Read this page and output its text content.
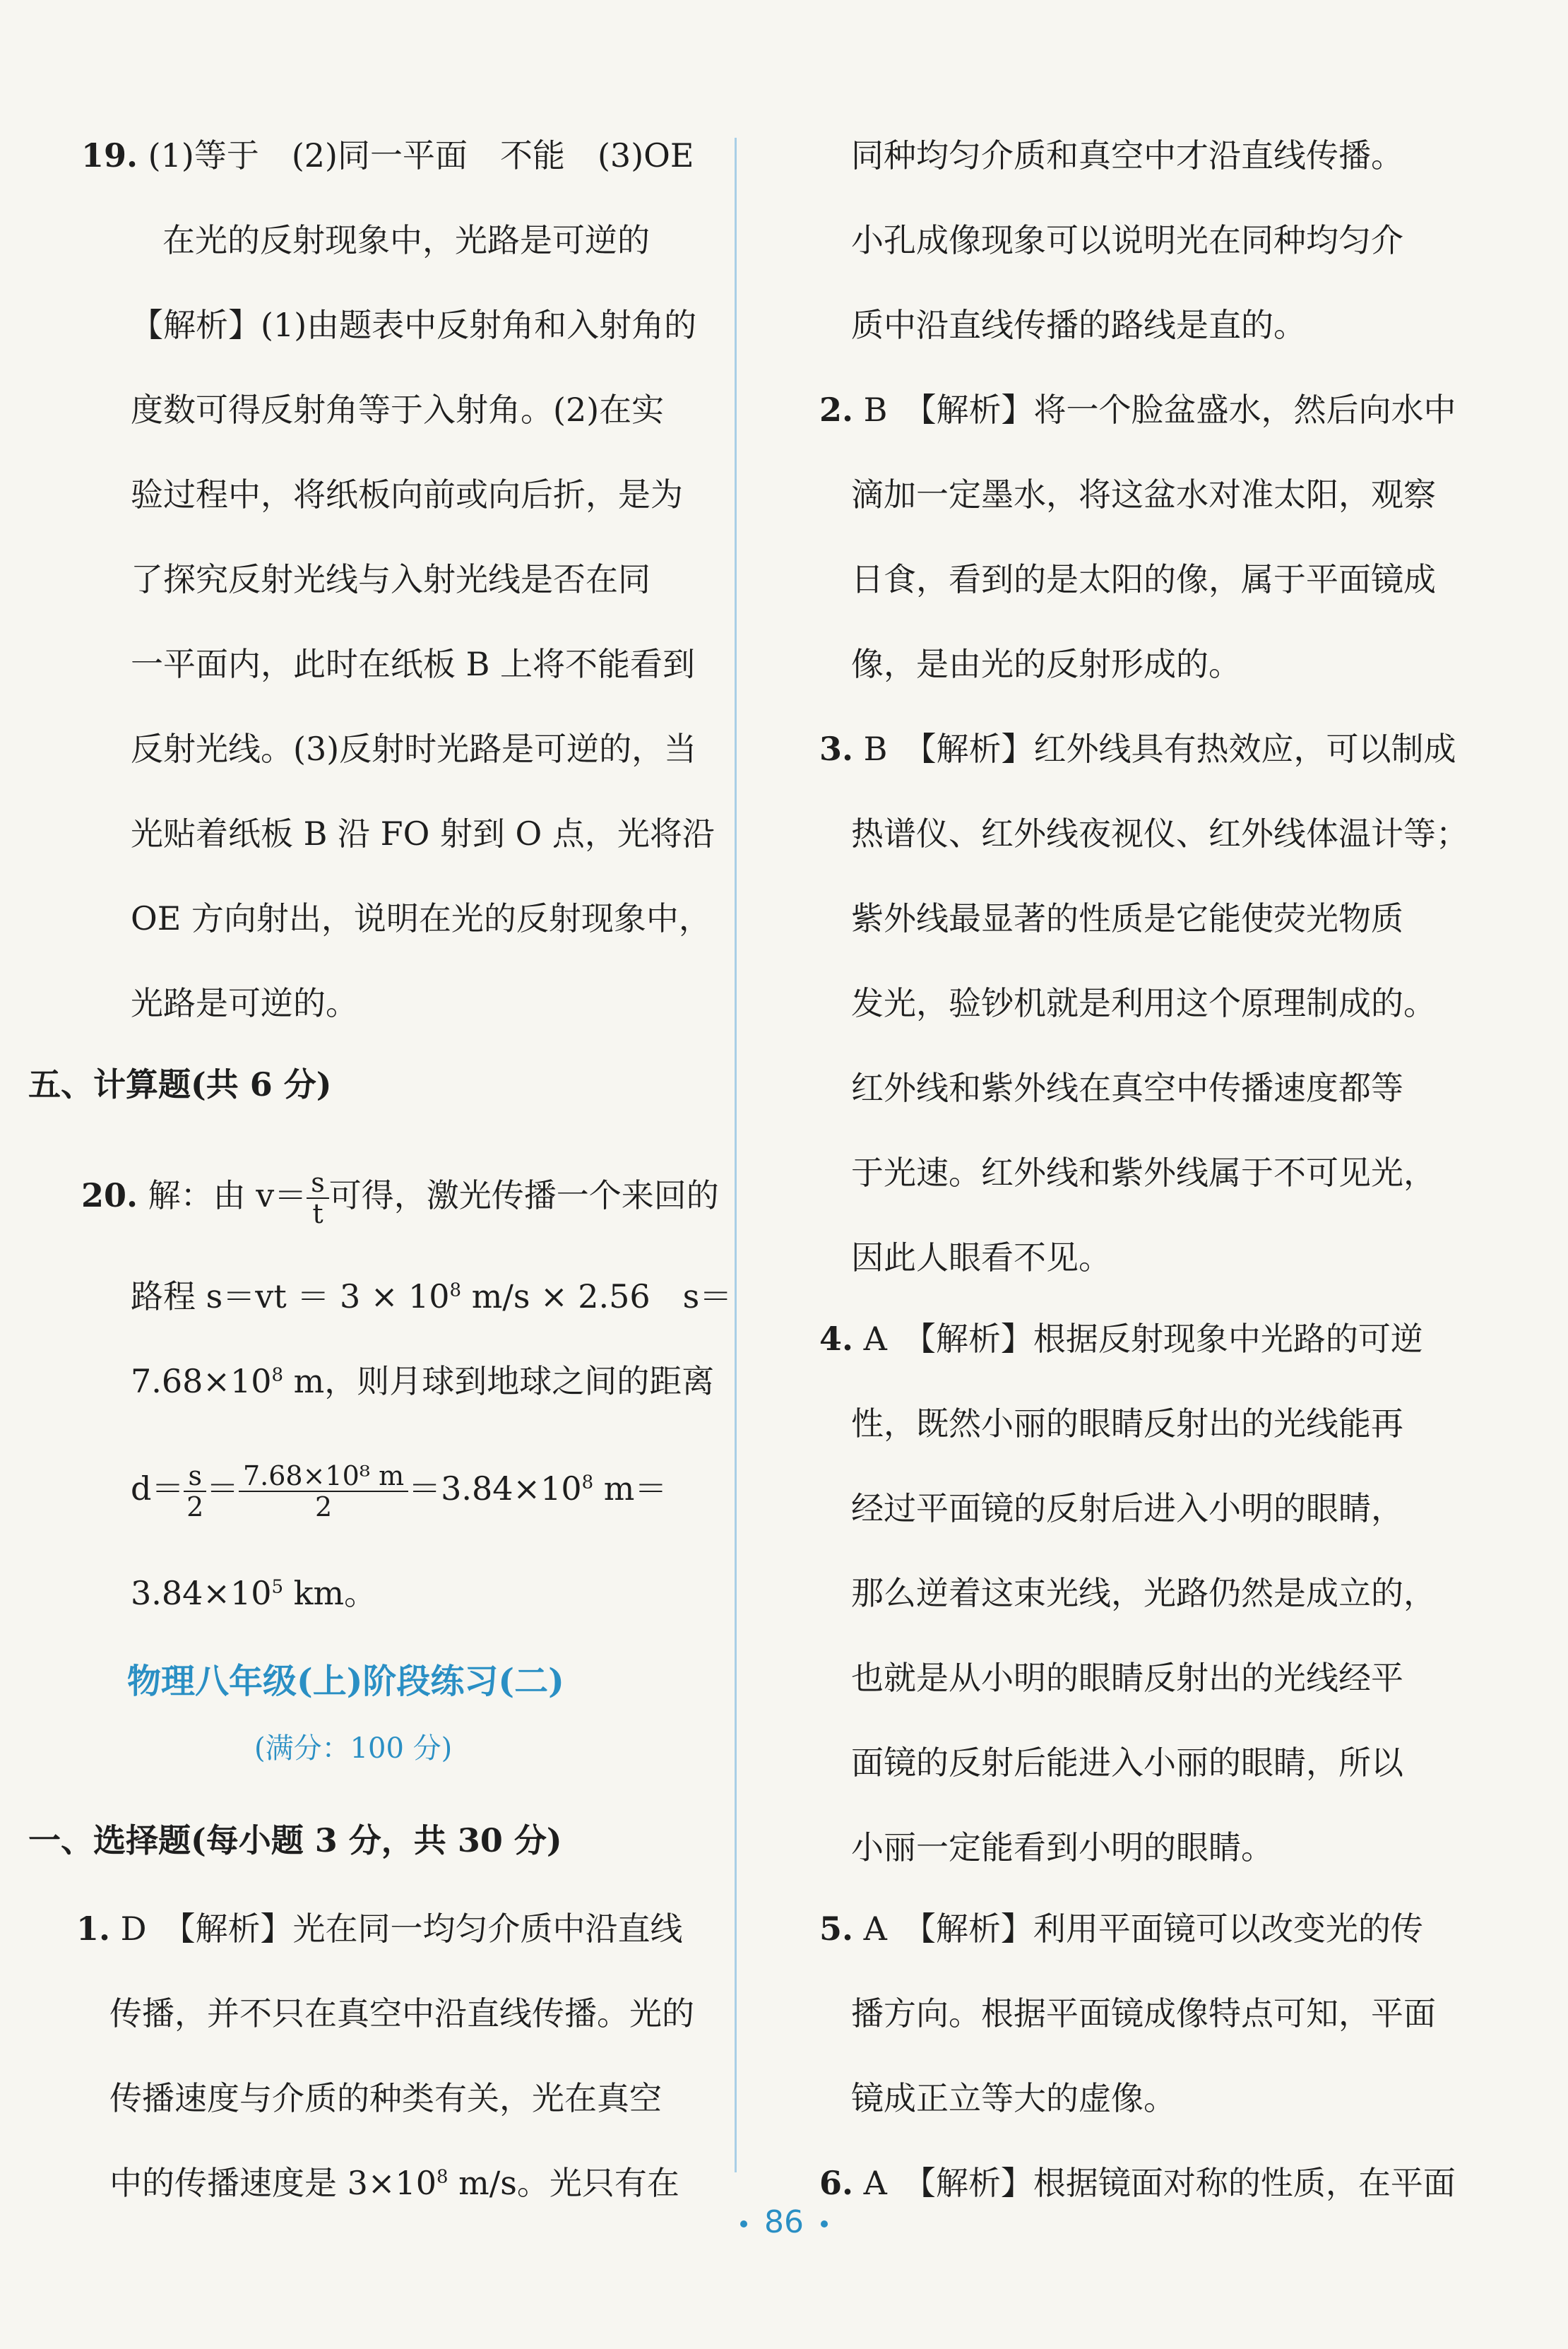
19. (1)等于　(2)同一平面　不能　(3)OE
在光的反射现象中，光路是可逆的
【解析】(1)由题表中反射角和入射角的
度数可得反射角等于入射角。(2)在实
验过程中，将纸板向前或向后折，是为
了探究反射光线与入射光线是否在同
一平面内，此时在纸板 B 上将不能看到
反射光线。(3)反射时光路是可逆的，当
光贴着纸板 B 沿 FO 射到 O 点，光将沿
OE 方向射出，说明在光的反射现象中，
光路是可逆的。
五、计算题(共 6 分)
20. 解：由 $v= \frac{s}{t}$ 可得，激光传播一个来回的
路程 $s=vt = 3 \times 10^8$ m/s × 2.56　s＝
$7.68\times 10^8$ m，则月球到地球之间的距离
$d= \frac{s}{2} = \frac{\text{7.68×10⁸ m}}{2} =3.84\times 10^8$ m＝
$3.84\times 10^5$ km。
物理八年级(上)阶段练习(二)
(满分：100 分)
一、选择题(每小题 3 分，共 30 分)
1. D　【解析】光在同一均匀介质中沿直线
传播，并不只在真空中沿直线传播。光的
传播速度与介质的种类有关，光在真空
中的传播速度是 $3\times 10^8$ m/s。光只有在
同种均匀介质和真空中才沿直线传播。
小孔成像现象可以说明光在同种均匀介
质中沿直线传播的路线是直的。
2. B　【解析】将一个脸盆盛水，然后向水中
滴加一定墨水，将这盆水对准太阳，观察
日食，看到的是太阳的像，属于平面镜成
像，是由光的反射形成的。
3. B　【解析】红外线具有热效应，可以制成
热谱仪、红外线夜视仪、红外线体温计等；
紫外线最显著的性质是它能使荧光物质
发光，验钞机就是利用这个原理制成的。
红外线和紫外线在真空中传播速度都等
于光速。红外线和紫外线属于不可见光，
因此人眼看不见。
4. A　【解析】根据反射现象中光路的可逆
性，既然小丽的眼睛反射出的光线能再
经过平面镜的反射后进入小明的眼睛，
那么逆着这束光线，光路仍然是成立的，
也就是从小明的眼睛反射出的光线经平
面镜的反射后能进入小丽的眼睛，所以
小丽一定能看到小明的眼睛。
5. A　【解析】利用平面镜可以改变光的传
播方向。根据平面镜成像特点可知，平面
镜成正立等大的虚像。
6. A　【解析】根据镜面对称的性质，在平面
86
